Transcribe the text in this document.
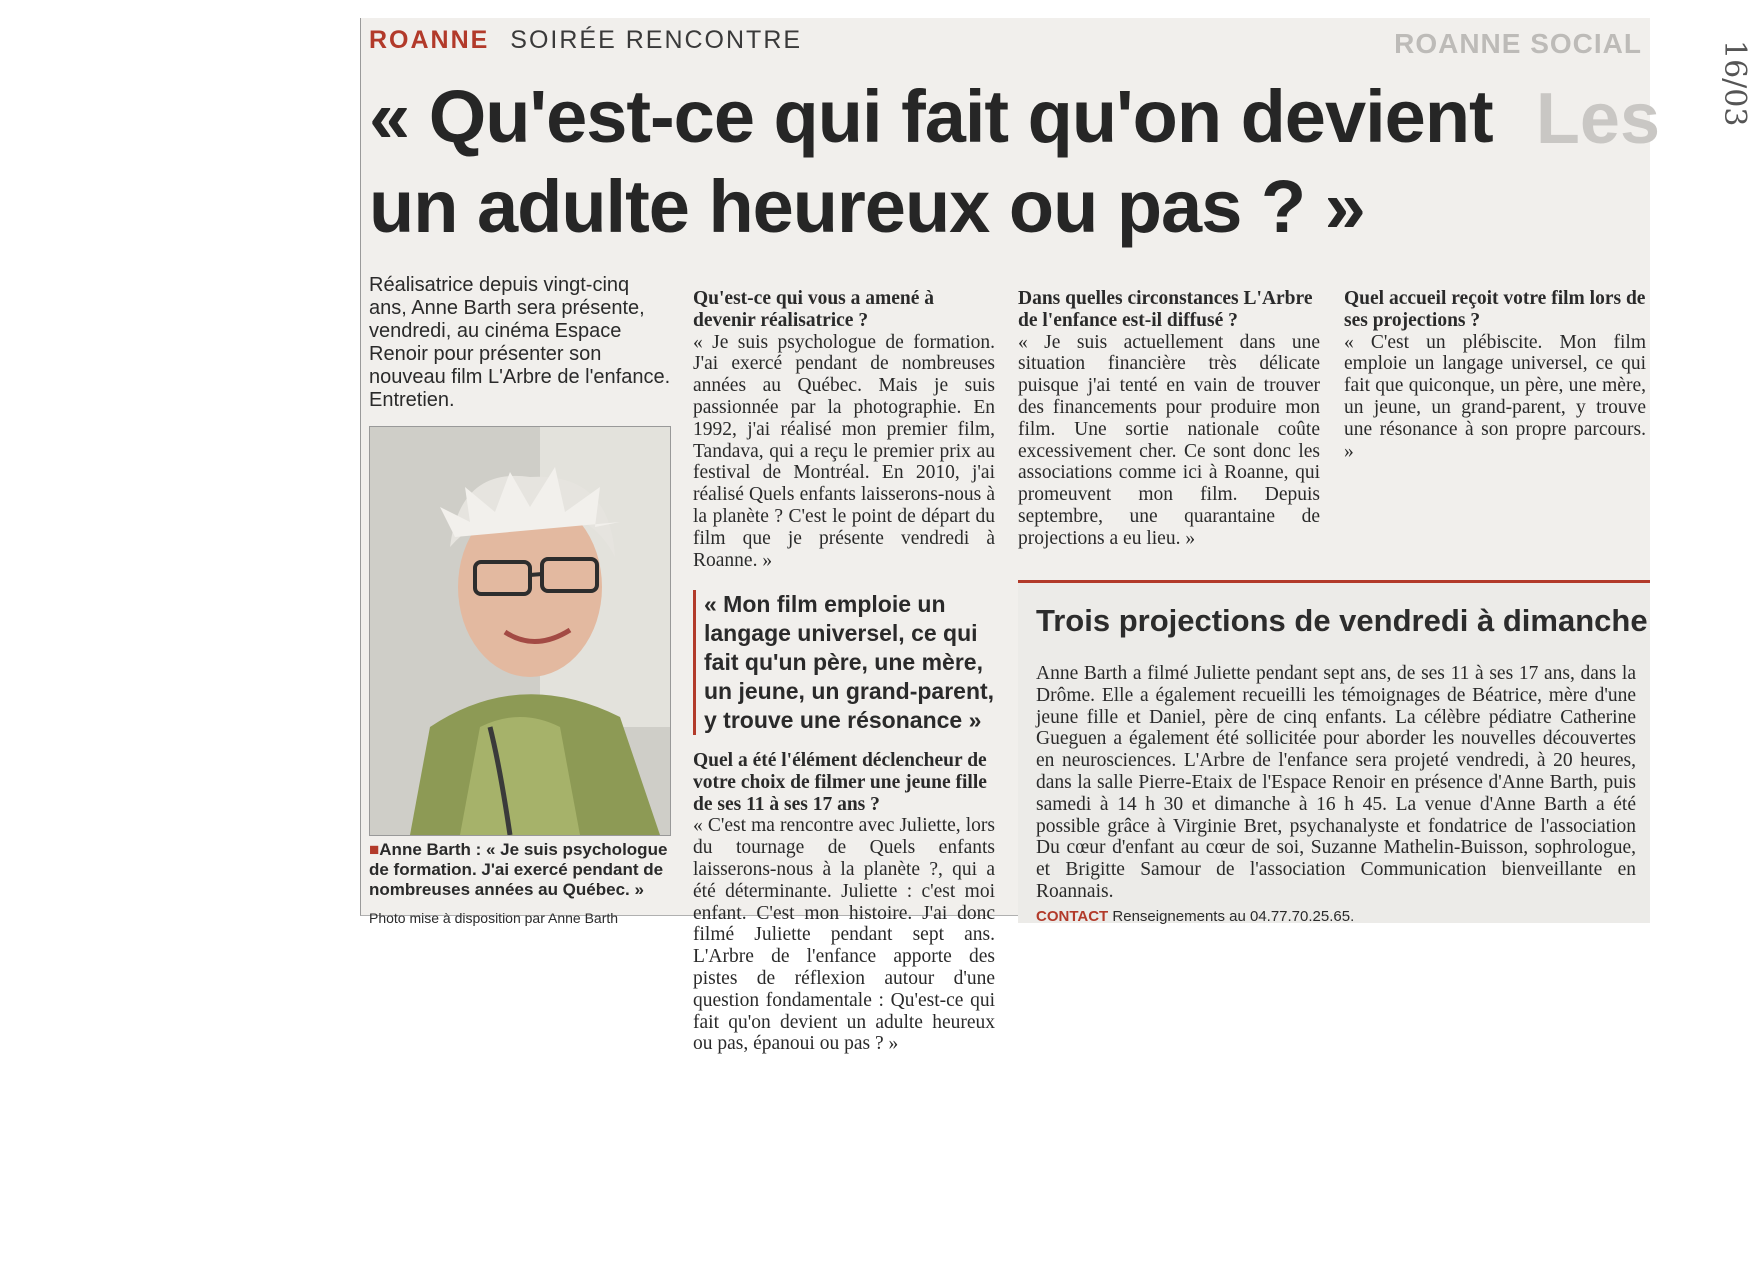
ROANNE SOCIAL
Les
ROANNE SOIRÉE RENCONTRE
« Qu'est-ce qui fait qu'on devient un adulte heureux ou pas ? »
Réalisatrice depuis vingt-cinq ans, Anne Barth sera présente, vendredi, au cinéma Espace Renoir pour présenter son nouveau film L'Arbre de l'enfance. Entretien.
■Anne Barth : « Je suis psychologue de formation. J'ai exercé pendant de nombreuses années au Québec. »
Photo mise à disposition par Anne Barth
Qu'est-ce qui vous a amené à devenir réalisatrice ?
« Je suis psychologue de formation. J'ai exercé pendant de nombreuses années au Québec. Mais je suis passionnée par la photographie. En 1992, j'ai réalisé mon premier film, Tandava, qui a reçu le premier prix au festival de Montréal. En 2010, j'ai réalisé Quels enfants laisserons-nous à la planète ? C'est le point de départ du film que je présente vendredi à Roanne. »
« Mon film emploie un langage universel, ce qui fait qu'un père, une mère, un jeune, un grand-parent, y trouve une résonance »
Quel a été l'élément déclencheur de votre choix de filmer une jeune fille de ses 11 à ses 17 ans ?
« C'est ma rencontre avec Juliette, lors du tournage de Quels enfants laisserons-nous à la planète ?, qui a été déterminante. Juliette : c'est moi enfant. C'est mon histoire. J'ai donc filmé Juliette pendant sept ans. L'Arbre de l'enfance apporte des pistes de réflexion autour d'une question fondamentale : Qu'est-ce qui fait qu'on devient un adulte heureux ou pas, épanoui ou pas ? »
Dans quelles circonstances L'Arbre de l'enfance est-il diffusé ?
« Je suis actuellement dans une situation financière très délicate puisque j'ai tenté en vain de trouver des financements pour produire mon film. Une sortie nationale coûte excessivement cher. Ce sont donc les associations comme ici à Roanne, qui promeuvent mon film. Depuis septembre, une quarantaine de projections a eu lieu. »
Quel accueil reçoit votre film lors de ses projections ?
« C'est un plébiscite. Mon film emploie un langage universel, ce qui fait que quiconque, un père, une mère, un jeune, un grand-parent, y trouve une résonance à son propre parcours. »
Trois projections de vendredi à dimanche
Anne Barth a filmé Juliette pendant sept ans, de ses 11 à ses 17 ans, dans la Drôme. Elle a également recueilli les témoignages de Béatrice, mère d'une jeune fille et Daniel, père de cinq enfants. La célèbre pédiatre Catherine Gueguen a également été sollicitée pour aborder les nouvelles découvertes en neurosciences. L'Arbre de l'enfance sera projeté vendredi, à 20 heures, dans la salle Pierre-Etaix de l'Espace Renoir en présence d'Anne Barth, puis samedi à 14 h 30 et dimanche à 16 h 45. La venue d'Anne Barth a été possible grâce à Virginie Bret, psychanalyste et fondatrice de l'association Du cœur d'enfant au cœur de soi, Suzanne Mathelin-Buisson, sophrologue, et Brigitte Samour de l'association Communication bienveillante en Roannais.
CONTACT Renseignements au 04.77.70.25.65.
16/03
